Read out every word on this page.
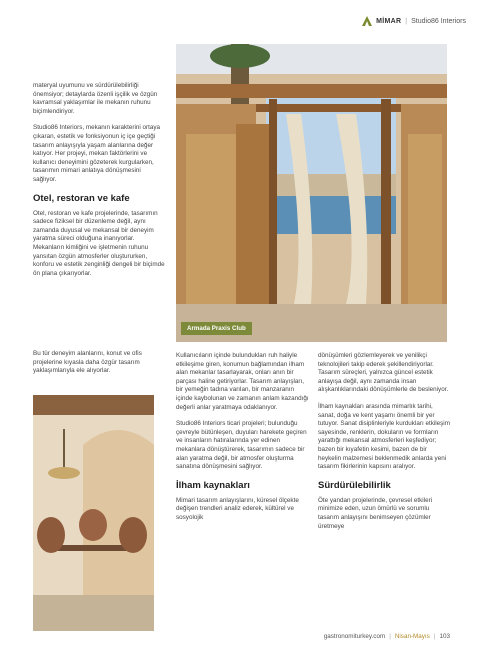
MİMAR | Studio86 Interiors

materyal uyumunu ve sürdürülebilirliği önemsiyor; detaylarda özenli işçilik ve özgün kavramsal yaklaşımlar ile mekanın ruhunu biçimlendiriyor.

Studio86 Interiors, mekanın karakterini ortaya çıkaran, estetik ve fonksiyonun iç içe geçtiği tasarım anlayışıyla yaşam alanlarına değer katıyor. Her projeyi, mekan faktörlerini ve kullanıcı deneyimini gözeterek kurgularken, tasarımın mimari anlatıya dönüşmesini sağlıyor.

Otel, restoran ve kafe

Otel, restoran ve kafe projelerinde, tasarımın sadece fiziksel bir düzenleme değil, aynı zamanda duyusal ve mekansal bir deneyim yaratma süreci olduğuna inanıyorlar. Mekanların kimliğini ve işletmenin ruhunu yansıtan özgün atmosferler oluştururken, konforu ve estetik zenginliği dengeli bir biçimde ön plana çıkarıyorlar.

Bu tür deneyim alanlarını, konut ve ofis projelerine kıyasla daha özgür tasarım yaklaşımlarıyla ele alıyorlar.

Armada Praxis Club

Kullanıcıların içinde bulundukları ruh haliyle etkileşime giren, konumun bağlamından ilham alan mekanlar tasarlayarak, onları anın bir parçası haline getiriyorlar. Tasarım anlayışları, bir yemeğin tadına varılan, bir manzaranın içinde kaybolunan ve zamanın anlam kazandığı değerli anlar yaratmaya odaklanıyor.

Studio86 Interiors ticari projeleri; bulunduğu çevreyle bütünleşen, duyuları harekete geçiren ve insanların hatıralarında yer edinen mekanlara dönüştürerek, tasarımın sadece bir alan yaratma değil, bir atmosfer oluşturma sanatına dönüşmesini sağlıyor.

İlham kaynakları

Mimari tasarım anlayışlarını, küresel ölçekte değişen trendleri analiz ederek, kültürel ve sosyolojik

dönüşümleri gözlemleyerek ve yenilikçi teknolojileri takip ederek şekillendiriyorlar. Tasarım süreçleri, yalnızca güncel estetik anlayışa değil, aynı zamanda insan alışkanlıklarındaki dönüşümlerle de besleniyor.

İlham kaynakları arasında mimarlık tarihi, sanat, doğa ve kent yaşamı önemli bir yer tutuyor. Sanat disiplinleriyle kurdukları etkileşim sayesinde, renklerin, dokuların ve formların yarattığı mekansal atmosferleri keşfediyor; bazen bir kıyafetin kesimi, bazen de bir heykelin malzemesi beklenmedik anlarda yeni tasarım fikirlerinin kapısını aralıyor.

Sürdürülebilirlik

Öte yandan projelerinde, çevresel etkileri minimize eden, uzun ömürlü ve sorumlu tasarım anlayışını benimseyen çözümler üretmeye

gastronomiturkey.com | Nisan-Mayıs | 103
